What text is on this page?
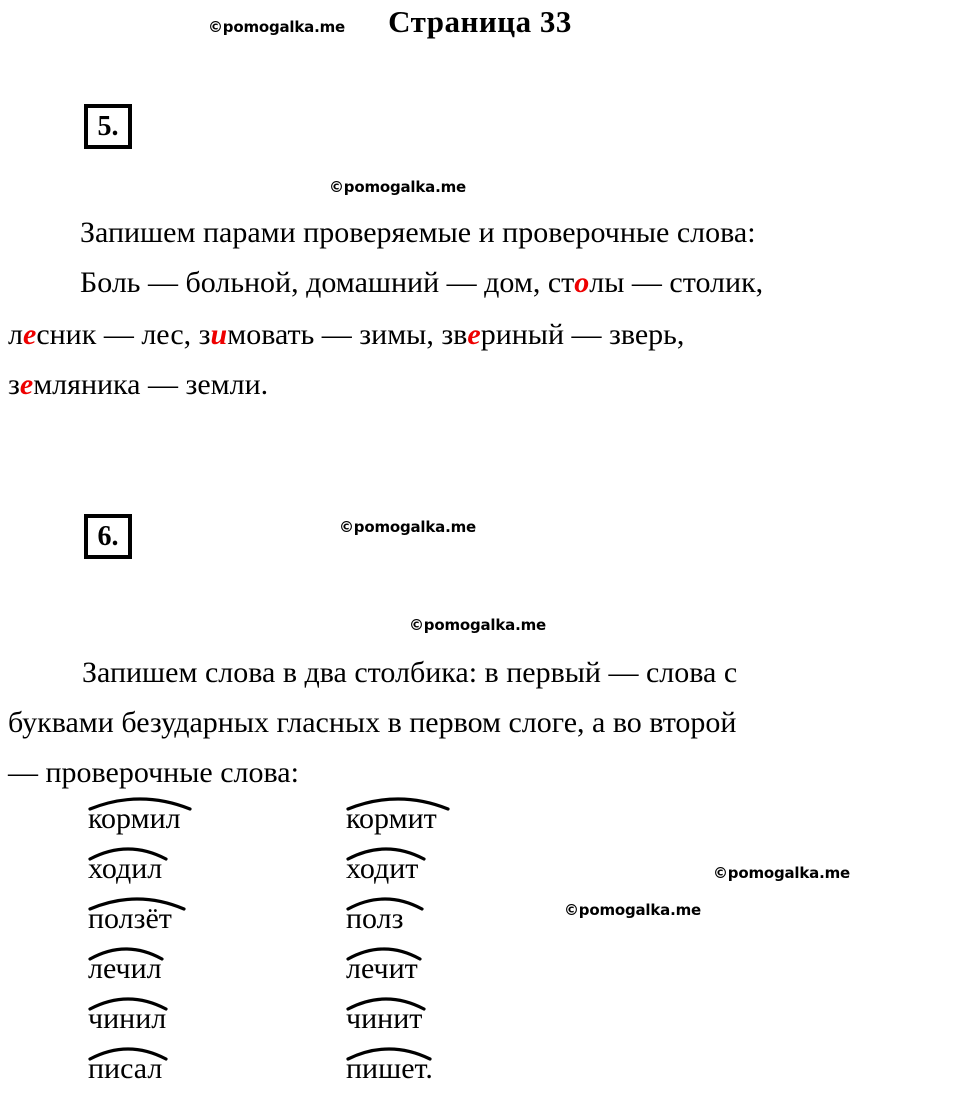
Страница 33
©pomogalka.me
©pomogalka.me
©pomogalka.me
©pomogalka.me
©pomogalka.me
©pomogalka.me
5.
Запишем парами проверяемые и проверочные слова:
Боль — больной, домашний — дом, столы — столик,
лесник — лес, зимовать — зимы, звериный — зверь,
земляника — земли.
6.
Запишем слова в два столбика: в первый — слова с
буквами безударных гласных в первом слоге, а во второй
— проверочные слова:
кормил	кормит
ходил	ходит
ползёт	полз
лечил	лечит
чинил	чинит
писал	пишет.
